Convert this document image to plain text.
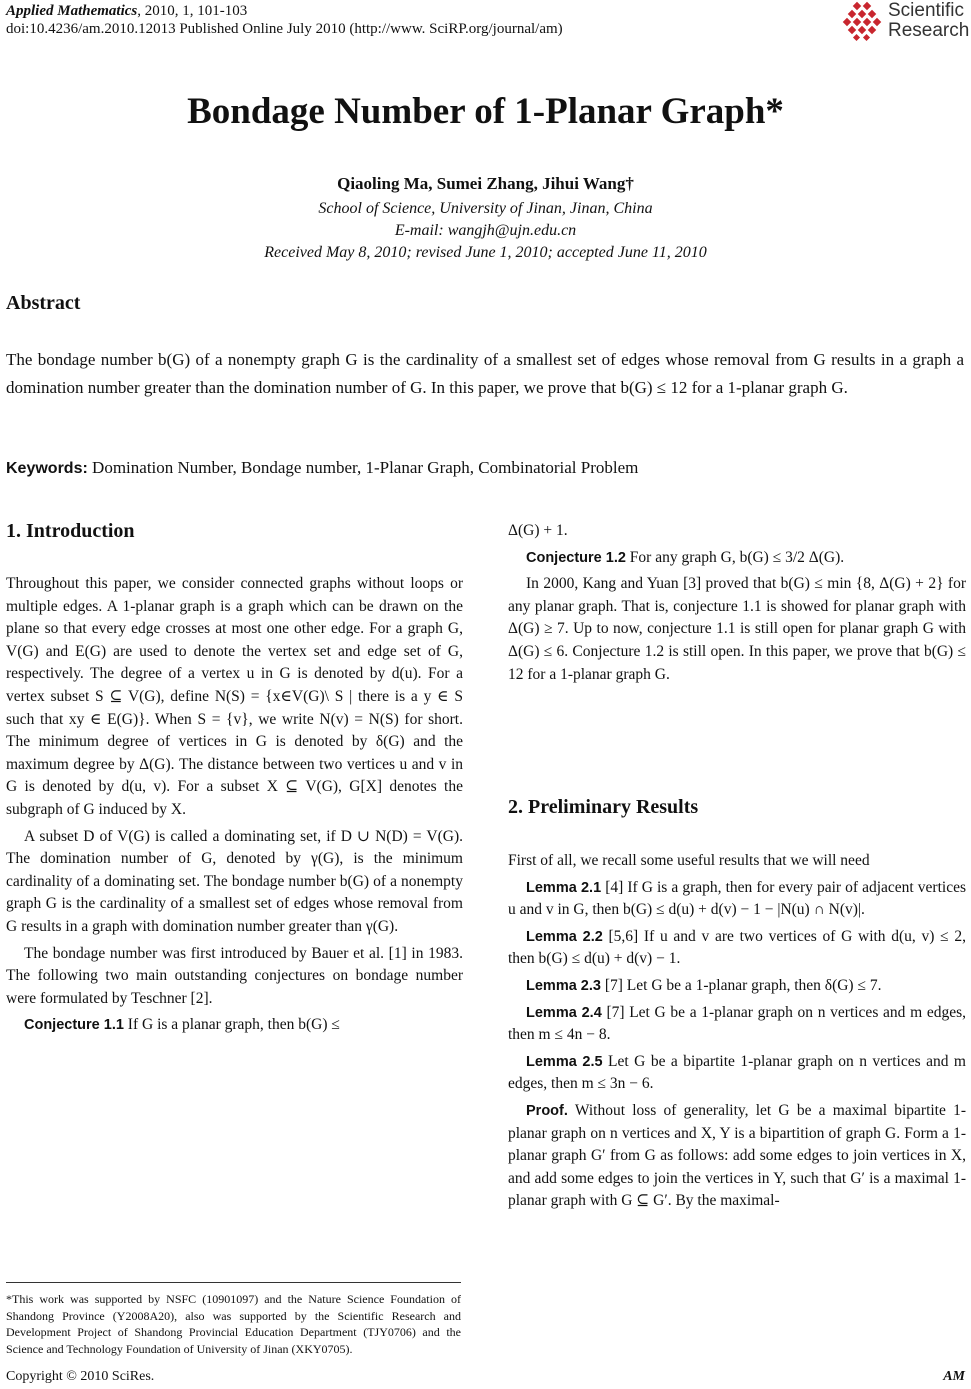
Applied Mathematics, 2010, 1, 101-103
doi:10.4236/am.2010.12013 Published Online July 2010 (http://www. SciRP.org/journal/am)
Scientific
Research
Bondage Number of 1-Planar Graph*
Qiaoling Ma, Sumei Zhang, Jihui Wang†
School of Science, University of Jinan, Jinan, China
E-mail: wangjh@ujn.edu.cn
Received May 8, 2010; revised June 1, 2010; accepted June 11, 2010
Abstract
The bondage number b(G) of a nonempty graph G is the cardinality of a smallest set of edges whose removal from G results in a graph a domination number greater than the domination number of G. In this paper, we prove that b(G) ≤ 12 for a 1-planar graph G.
Keywords: Domination Number, Bondage number, 1-Planar Graph, Combinatorial Problem
1. Introduction

Throughout this paper, we consider connected graphs without loops or multiple edges. A 1-planar graph is a graph which can be drawn on the plane so that every edge crosses at most one other edge. For a graph G, V(G) and E(G) are used to denote the vertex set and edge set of G, respectively. The degree of a vertex u in G is denoted by d(u). For a vertex subset S ⊆ V(G), define N(S) = {x∈V(G)\ S | there is a y ∈ S such that xy ∈ E(G)}. When S = {v}, we write N(v) = N(S) for short. The minimum degree of vertices in G is denoted by δ(G) and the maximum degree by Δ(G). The distance between two vertices u and v in G is denoted by d(u, v). For a subset X ⊆ V(G), G[X] denotes the subgraph of G induced by X.

A subset D of V(G) is called a dominating set, if D ∪ N(D) = V(G). The domination number of G, denoted by γ(G), is the minimum cardinality of a dominating set. The bondage number b(G) of a nonempty graph G is the cardinality of a smallest set of edges whose removal from G results in a graph with domination number greater than γ(G).

The bondage number was first introduced by Bauer et al. [1] in 1983. The following two main outstanding conjectures on bondage number were formulated by Teschner [2].

Conjecture 1.1 If G is a planar graph, then b(G) ≤

Δ(G) + 1.

Conjecture 1.2 For any graph G, b(G) ≤ 3/2 Δ(G).

In 2000, Kang and Yuan [3] proved that b(G) ≤ min {8, Δ(G) + 2} for any planar graph. That is, conjecture 1.1 is showed for planar graph with Δ(G) ≥ 7. Up to now, conjecture 1.1 is still open for planar graph G with Δ(G) ≤ 6. Conjecture 1.2 is still open. In this paper, we prove that b(G) ≤ 12 for a 1-planar graph G.

2. Preliminary Results

First of all, we recall some useful results that we will need

Lemma 2.1 [4] If G is a graph, then for every pair of adjacent vertices u and v in G, then b(G) ≤ d(u) + d(v) − 1 − |N(u) ∩ N(v)|.

Lemma 2.2 [5,6] If u and v are two vertices of G with d(u, v) ≤ 2, then b(G) ≤ d(u) + d(v) − 1.

Lemma 2.3 [7] Let G be a 1-planar graph, then δ(G) ≤ 7.

Lemma 2.4 [7] Let G be a 1-planar graph on n vertices and m edges, then m ≤ 4n − 8.

Lemma 2.5 Let G be a bipartite 1-planar graph on n vertices and m edges, then m ≤ 3n − 6.

Proof. Without loss of generality, let G be a maximal bipartite 1-planar graph on n vertices and X, Y is a bipartition of graph G. Form a 1-planar graph G′ from G as follows: add some edges to join vertices in X, and add some edges to join the vertices in Y, such that G′ is a maximal 1-planar graph with G ⊆ G′. By the maximal-

*This work was supported by NSFC (10901097) and the Nature Science Foundation of Shandong Province (Y2008A20), also was supported by the Scientific Research and Development Project of Shandong Provincial Education Department (TJY0706) and the Science and Technology Foundation of University of Jinan (XKY0705).
Copyright © 2010 SciRes.	AM
